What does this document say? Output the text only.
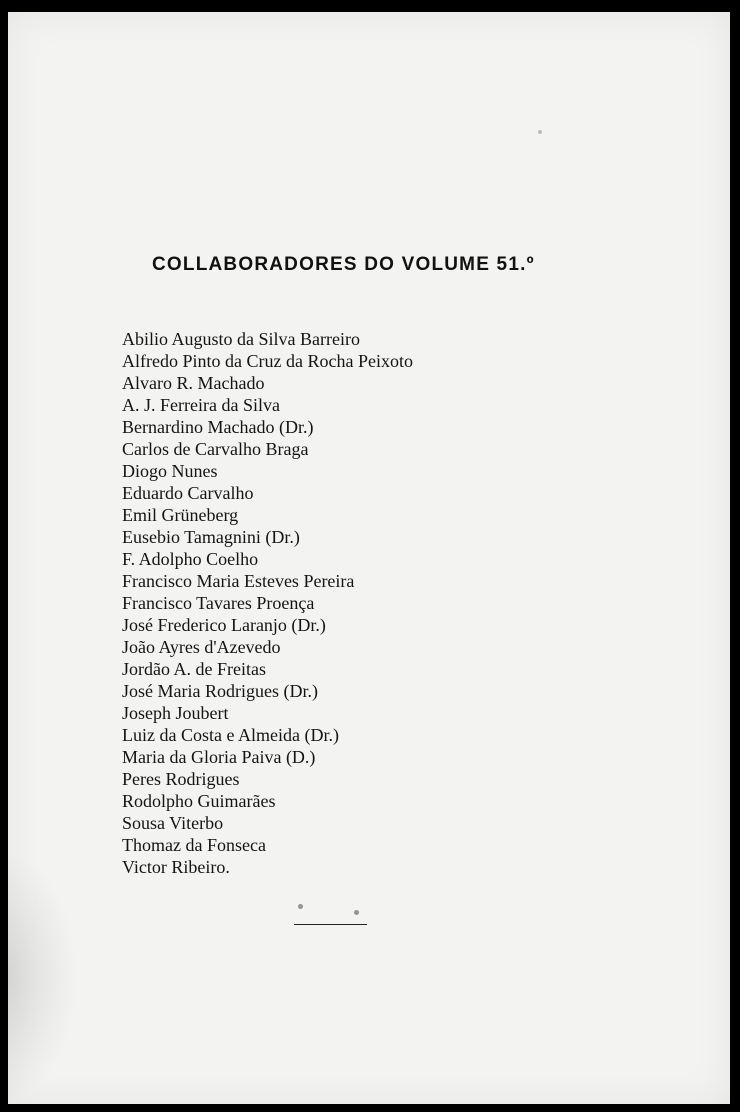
COLLABORADORES DO VOLUME 51.º
Abilio Augusto da Silva Barreiro
Alfredo Pinto da Cruz da Rocha Peixoto
Alvaro R. Machado
A. J. Ferreira da Silva
Bernardino Machado (Dr.)
Carlos de Carvalho Braga
Diogo Nunes
Eduardo Carvalho
Emil Grüneberg
Eusebio Tamagnini (Dr.)
F. Adolpho Coelho
Francisco Maria Esteves Pereira
Francisco Tavares Proença
José Frederico Laranjo (Dr.)
João Ayres d'Azevedo
Jordão A. de Freitas
José Maria Rodrigues (Dr.)
Joseph Joubert
Luiz da Costa e Almeida (Dr.)
Maria da Gloria Paiva (D.)
Peres Rodrigues
Rodolpho Guimarães
Sousa Viterbo
Thomaz da Fonseca
Victor Ribeiro.
